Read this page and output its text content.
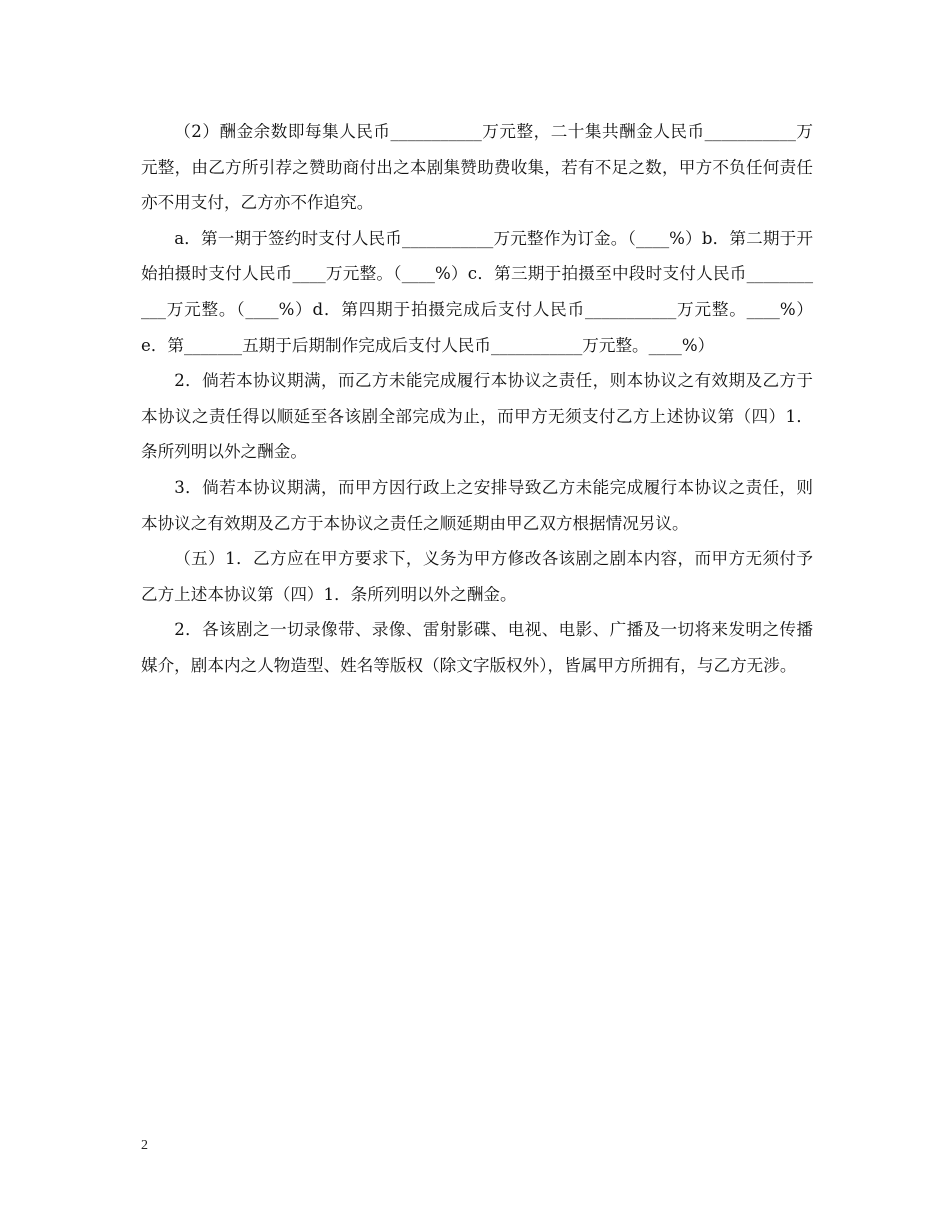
（2）酬金余数即每集人民币___________万元整，二十集共酬金人民币___________万元整，由乙方所引荐之赞助商付出之本剧集赞助费收集，若有不足之数，甲方不负任何责任亦不用支付，乙方亦不作追究。

a．第一期于签约时支付人民币___________万元整作为订金。（____%）b．第二期于开始拍摄时支付人民币____万元整。（____%）c．第三期于拍摄至中段时支付人民币___________万元整。（____%）d．第四期于拍摄完成后支付人民币___________万元整。____%）e．第_______五期于后期制作完成后支付人民币___________万元整。____%）

2．倘若本协议期满，而乙方未能完成履行本协议之责任，则本协议之有效期及乙方于本协议之责任得以顺延至各该剧全部完成为止，而甲方无须支付乙方上述协议第（四）1．条所列明以外之酬金。

3．倘若本协议期满，而甲方因行政上之安排导致乙方未能完成履行本协议之责任，则本协议之有效期及乙方于本协议之责任之顺延期由甲乙双方根据情况另议。

（五）1．乙方应在甲方要求下，义务为甲方修改各该剧之剧本内容，而甲方无须付予乙方上述本协议第（四）1．条所列明以外之酬金。

2．各该剧之一切录像带、录像、雷射影碟、电视、电影、广播及一切将来发明之传播媒介，剧本内之人物造型、姓名等版权（除文字版权外），皆属甲方所拥有，与乙方无涉。

2
